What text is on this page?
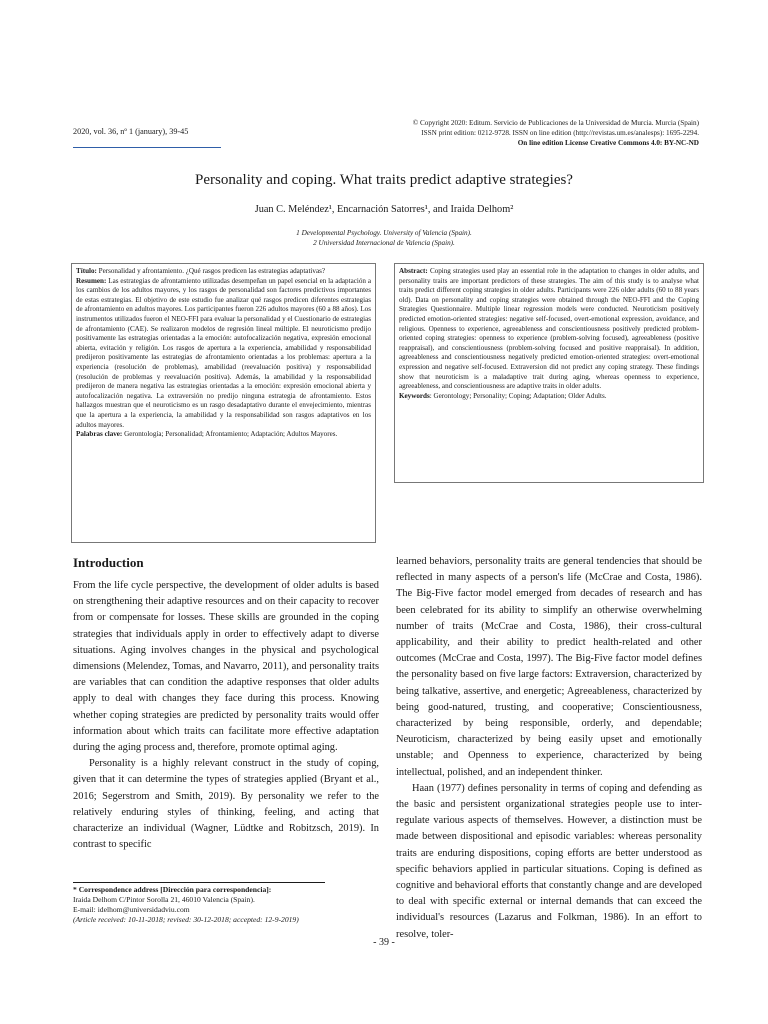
2020, vol. 36, nº 1 (january), 39-45
© Copyright 2020: Editum. Servicio de Publicaciones de la Universidad de Murcia. Murcia (Spain)
ISSN print edition: 0212-9728. ISSN on line edition (http://revistas.um.es/analesps): 1695-2294.
On line edition License Creative Commons 4.0: BY-NC-ND
Personality and coping. What traits predict adaptive strategies?
Juan C. Meléndez¹, Encarnación Satorres¹, and Iraida Delhom²
1 Developmental Psychology. University of Valencia (Spain).
2 Universidad Internacional de Valencia (Spain).

Título: Personalidad y afrontamiento. ¿Qué rasgos predicen las estrategias adaptativas?

Resumen: Las estrategias de afrontamiento utilizadas desempeñan un papel esencial en la adaptación a los cambios de los adultos mayores, y los rasgos de personalidad son factores predictivos importantes de estas estrategias. El objetivo de este estudio fue analizar qué rasgos predicen diferentes estrategias de afrontamiento en adultos mayores. Los participantes fueron 226 adultos mayores (60 a 88 años). Los instrumentos utilizados fueron el NEO-FFI para evaluar la personalidad y el Cuestionario de estrategias de afrontamiento (CAE). Se realizaron modelos de regresión lineal múltiple. El neuroticismo predijo positivamente las estrategias orientadas a la emoción: autofocalización negativa, expresión emocional abierta, evitación y religión. Los rasgos de apertura a la experiencia, amabilidad y responsabilidad predijeron positivamente las estrategias de afrontamiento orientadas a los problemas: apertura a la experiencia (resolución de problemas), amabilidad (reevaluación positiva) y responsabilidad (resolución de problemas y reevaluación positiva). Además, la amabilidad y la responsabilidad predijeron de manera negativa las estrategias orientadas a la emoción: expresión emocional abierta y autofocalización negativa. La extraversión no predijo ninguna estrategia de afrontamiento. Estos hallazgos muestran que el neuroticismo es un rasgo desadaptativo durante el envejecimiento, mientras que la apertura a la experiencia, la amabilidad y la responsabilidad son rasgos adaptativos en los adultos mayores.

Palabras clave: Gerontología; Personalidad; Afrontamiento; Adaptación; Adultos Mayores.

Abstract: Coping strategies used play an essential role in the adaptation to changes in older adults, and personality traits are important predictors of these strategies. The aim of this study is to analyse what traits predict different coping strategies in older adults. Participants were 226 older adults (60 to 88 years old). Data on personality and coping strategies were obtained through the NEO-FFI and the Coping Strategies Questionnaire. Multiple linear regression models were conducted. Neuroticism positively predicted emotion-oriented strategies: negative self-focused, overt-emotional expression, avoidance, and religious. Openness to experience, agreeableness and conscientiousness positively predicted problem-oriented coping strategies: openness to experience (problem-solving focused), agreeableness (positive reappraisal), and conscientiousness (problem-solving focused and positive reappraisal). In addition, agreeableness and conscientiousness negatively predicted emotion-oriented strategies: overt-emotional expression and negative self-focused. Extraversion did not predict any coping strategy. These findings show that neuroticism is a maladaptive trait during aging, whereas openness to experience, agreeableness, and conscientiousness are adaptive traits in older adults.

Keywords: Gerontology; Personality; Coping; Adaptation; Older Adults.

Introduction

From the life cycle perspective, the development of older adults is based on strengthening their adaptive resources and on their capacity to recover from or compensate for losses. These skills are grounded in the coping strategies that individuals apply in order to effectively adapt to diverse situations. Aging involves changes in the physical and psychological dimensions (Melendez, Tomas, and Navarro, 2011), and personality traits are variables that can condition the adaptive responses that older adults apply to deal with changes they face during this process. Knowing whether coping strategies are predicted by personality traits would offer information about which traits can facilitate more effective adaptation during the aging process and, therefore, promote optimal aging.

Personality is a highly relevant construct in the study of coping, given that it can determine the types of strategies applied (Bryant et al., 2016; Segerstrom and Smith, 2019). By personality we refer to the relatively enduring styles of thinking, feeling, and acting that characterize an individual (Wagner, Lüdtke and Robitzsch, 2019). In contrast to specific

learned behaviors, personality traits are general tendencies that should be reflected in many aspects of a person's life (McCrae and Costa, 1986). The Big-Five factor model emerged from decades of research and has been celebrated for its ability to simplify an otherwise overwhelming number of traits (McCrae and Costa, 1986), their cross-cultural applicability, and their ability to predict health-related and other outcomes (McCrae and Costa, 1997). The Big-Five factor model defines the personality based on five large factors: Extraversion, characterized by being talkative, assertive, and energetic; Agreeableness, characterized by being good-natured, trusting, and cooperative; Conscientiousness, characterized by being responsible, orderly, and dependable; Neuroticism, characterized by being easily upset and emotionally unstable; and Openness to experience, characterized by being intellectual, polished, and an independent thinker.

Haan (1977) defines personality in terms of coping and defending as the basic and persistent organizational strategies people use to inter-regulate various aspects of themselves. However, a distinction must be made between dispositional and episodic variables: whereas personality traits are enduring dispositions, coping efforts are better understood as specific behaviors applied in particular situations. Coping is defined as cognitive and behavioral efforts that constantly change and are developed to deal with specific external or internal demands that can exceed the individual's resources (Lazarus and Folkman, 1986). In an effort to resolve, toler-

* Correspondence address [Dirección para correspondencia]:
Iraida Delhom C/Pintor Sorolla 21, 46010 Valencia (Spain).
E-mail: idelhom@universidadviu.com
(Article received: 10-11-2018; revised: 30-12-2018; accepted: 12-9-2019)
- 39 -
